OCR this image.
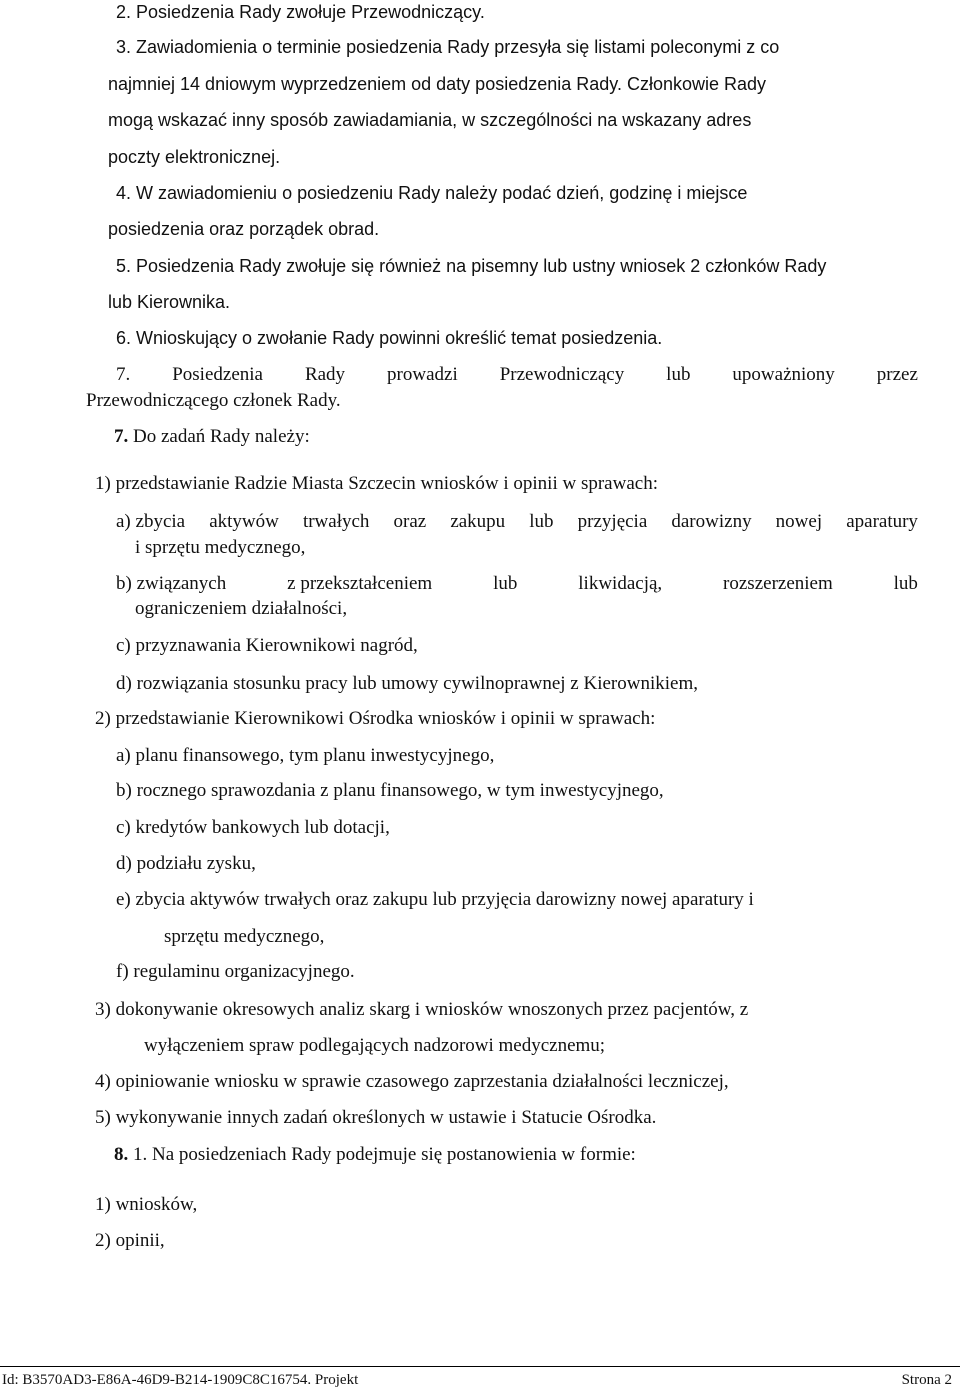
2. Posiedzenia Rady zwołuje Przewodniczący.
3. Zawiadomienia o terminie posiedzenia Rady przesyła się listami poleconymi z co
najmniej 14 dniowym wyprzedzeniem od daty posiedzenia Rady. Członkowie Rady
mogą wskazać inny sposób zawiadamiania, w szczególności na wskazany adres
poczty elektronicznej.
4. W zawiadomieniu o posiedzeniu Rady należy podać dzień, godzinę i miejsce
posiedzenia oraz porządek obrad.
5. Posiedzenia Rady zwołuje się również na pisemny lub ustny wniosek 2 członków Rady
lub Kierownika.
6. Wnioskujący o zwołanie Rady powinni określić temat posiedzenia.
7. Posiedzenia Rady prowadzi Przewodniczący lub upoważniony przez
Przewodniczącego członek Rady.
7. Do zadań Rady należy:
1) przedstawianie Radzie Miasta Szczecin wniosków i opinii w sprawach:
a) zbycia aktywów trwałych oraz zakupu lub przyjęcia darowizny nowej aparatury
i sprzętu medycznego,
b) związanych	z przekształceniem	lub	likwidacją,	rozszerzeniem	lub
ograniczeniem działalności,
c) przyznawania Kierownikowi nagród,
d) rozwiązania stosunku pracy lub umowy cywilnoprawnej z Kierownikiem,
2) przedstawianie Kierownikowi Ośrodka wniosków i opinii w sprawach:
a) planu finansowego, tym planu inwestycyjnego,
b) rocznego sprawozdania z planu finansowego, w tym inwestycyjnego,
c) kredytów bankowych lub dotacji,
d) podziału zysku,
e) zbycia aktywów trwałych oraz zakupu lub przyjęcia darowizny nowej aparatury i
sprzętu medycznego,
f) regulaminu organizacyjnego.
3) dokonywanie okresowych analiz skarg i wniosków wnoszonych przez pacjentów, z
wyłączeniem spraw podlegających nadzorowi medycznemu;
4) opiniowanie wniosku w sprawie czasowego zaprzestania działalności leczniczej,
5) wykonywanie innych zadań określonych w ustawie i Statucie Ośrodka.
8. 1. Na posiedzeniach Rady podejmuje się postanowienia w formie:
1) wniosków,
2) opinii,
Id: B3570AD3-E86A-46D9-B214-1909C8C16754. Projekt	Strona 2
